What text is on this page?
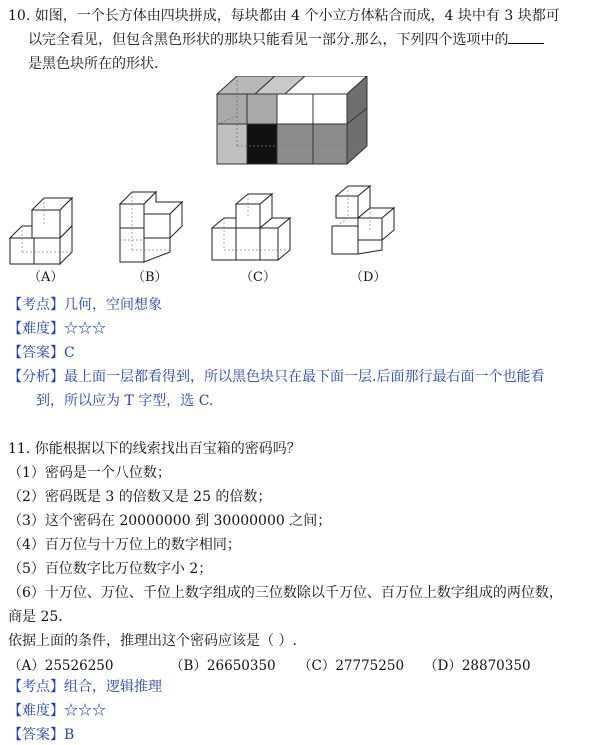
10. 如图，一个长方体由四块拼成，每块都由 4 个小立方体粘合而成，4 块中有 3 块都可
以完全看见，但包含黑色形状的那块只能看见一部分.那么，下列四个选项中的
是黑色块所在的形状.
（A）	（B）	（C）	（D）
【考点】几何，空间想象
【难度】☆☆☆
【答案】C
【分析】最上面一层都看得到，所以黑色块只在最下面一层.后面那行最右面一个也能看
到，所以应为 T 字型，选 C.
11. 你能根据以下的线索找出百宝箱的密码吗？
（1）密码是一个八位数；
（2）密码既是 3 的倍数又是 25 的倍数；
（3）这个密码在 20000000 到 30000000 之间；
（4）百万位与十万位上的数字相同；
（5）百位数字比万位数字小 2；
（6）十万位、万位、千位上数字组成的三位数除以千万位、百万位上数字组成的两位数，
商是 25.
依据上面的条件，推理出这个密码应该是（ ）.
（A）25526250	（B）26650350 （C）27775250 （D）28870350
【考点】组合，逻辑推理
【难度】☆☆☆
【答案】B
